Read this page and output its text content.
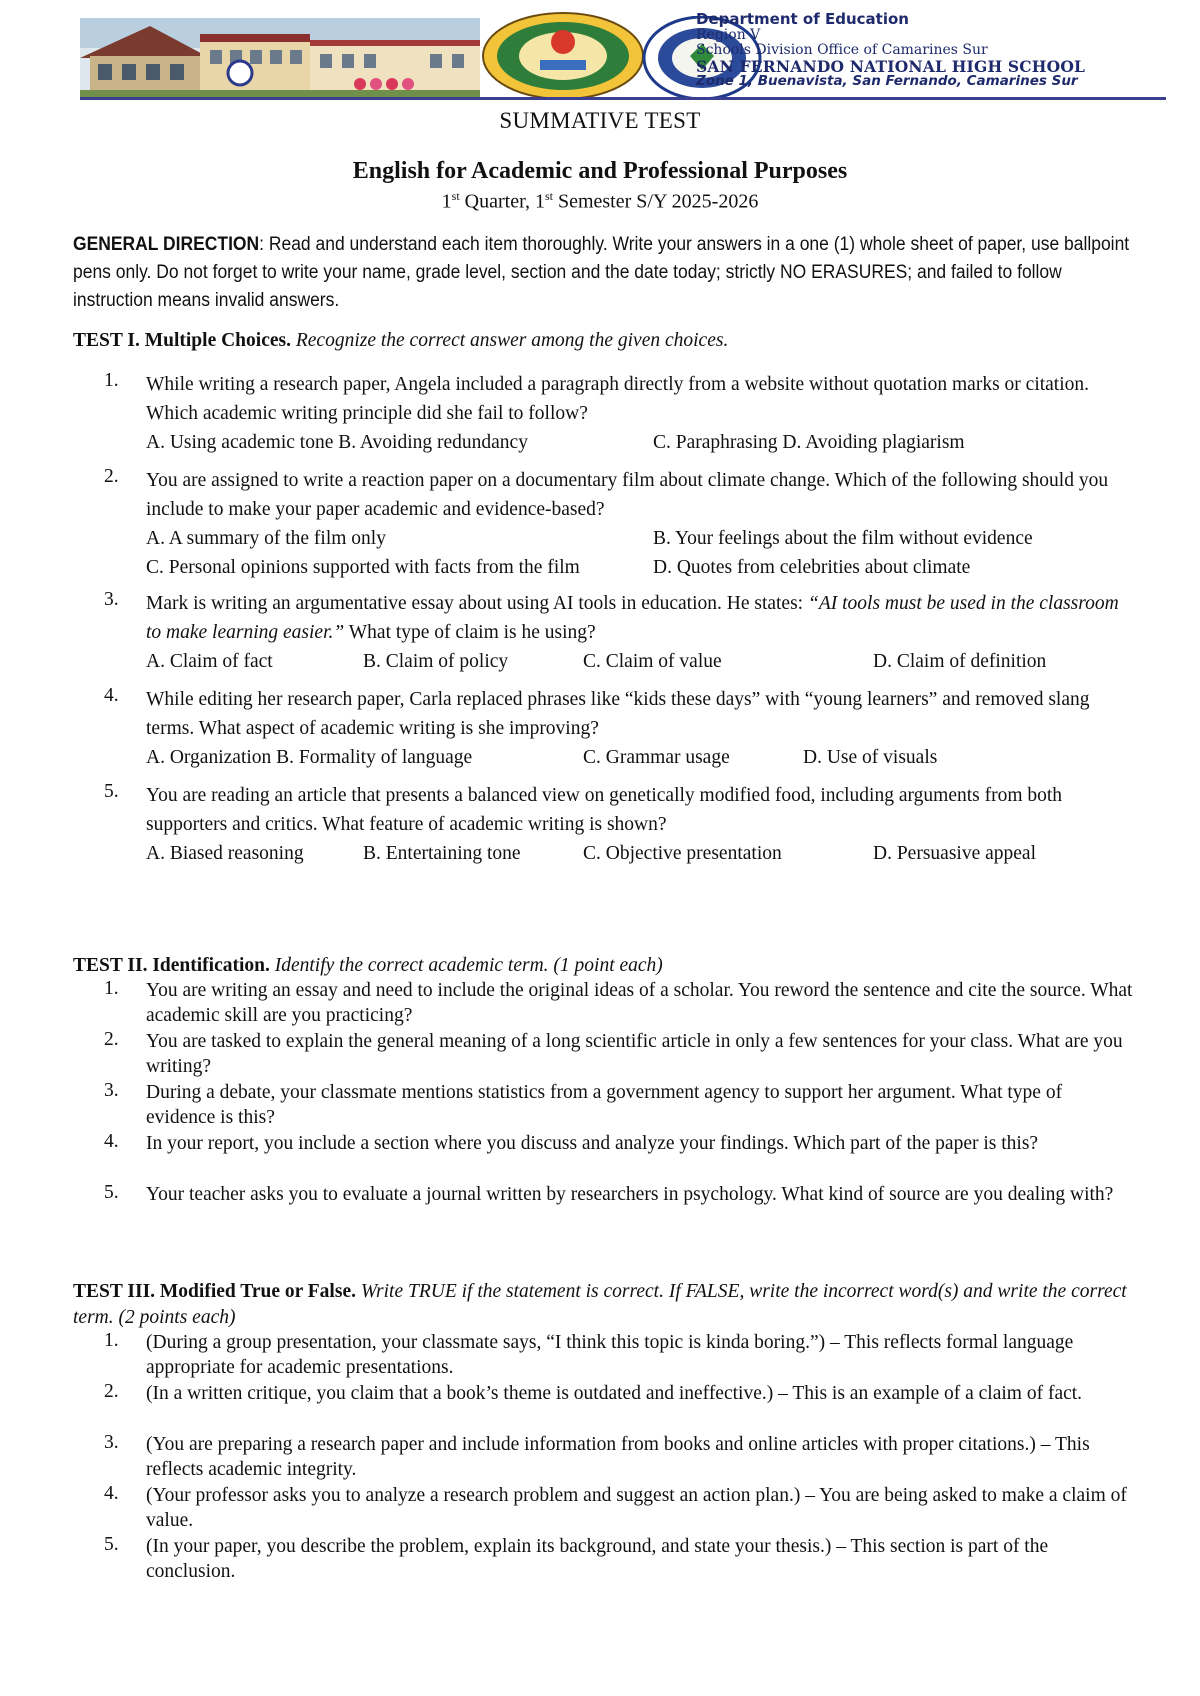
Department of Education
Region V
Schools Division Office of Camarines Sur
SAN FERNANDO NATIONAL HIGH SCHOOL
Zone 1, Buenavista, San Fernando, Camarines Sur
SUMMATIVE TEST
English for Academic and Professional Purposes
1st Quarter, 1st Semester S/Y 2025-2026
GENERAL DIRECTION: Read and understand each item thoroughly. Write your answers in a one (1) whole sheet of paper, use ballpoint pens only. Do not forget to write your name, grade level, section and the date today; strictly NO ERASURES; and failed to follow instruction means invalid answers.
TEST I. Multiple Choices. Recognize the correct answer among the given choices.
1.	While writing a research paper, Angela included a paragraph directly from a website without quotation marks or citation. Which academic writing principle did she fail to follow?
A. Using academic tone B. Avoiding redundancy	C. Paraphrasing D. Avoiding plagiarism
2.	You are assigned to write a reaction paper on a documentary film about climate change. Which of the following should you include to make your paper academic and evidence-based?
A. A summary of the film only	B. Your feelings about the film without evidence
C. Personal opinions supported with facts from the film	D. Quotes from celebrities about climate
3.	Mark is writing an argumentative essay about using AI tools in education. He states: “AI tools must be used in the classroom to make learning easier.” What type of claim is he using?
A. Claim of fact	B. Claim of policy	C. Claim of value	D. Claim of definition
4.	While editing her research paper, Carla replaced phrases like “kids these days” with “young learners” and removed slang terms. What aspect of academic writing is she improving?
A. Organization B. Formality of language	C. Grammar usage	D. Use of visuals
5.	You are reading an article that presents a balanced view on genetically modified food, including arguments from both supporters and critics. What feature of academic writing is shown?
A. Biased reasoning	B. Entertaining tone	C. Objective presentation	D. Persuasive appeal
TEST II. Identification. Identify the correct academic term. (1 point each)
1.	You are writing an essay and need to include the original ideas of a scholar. You reword the sentence and cite the source. What academic skill are you practicing?
2.	You are tasked to explain the general meaning of a long scientific article in only a few sentences for your class. What are you writing?
3.	During a debate, your classmate mentions statistics from a government agency to support her argument. What type of evidence is this?
4.	In your report, you include a section where you discuss and analyze your findings. Which part of the paper is this?
5.	Your teacher asks you to evaluate a journal written by researchers in psychology. What kind of source are you dealing with?
TEST III. Modified True or False. Write TRUE if the statement is correct. If FALSE, write the incorrect word(s) and write the correct term. (2 points each)
1.	(During a group presentation, your classmate says, “I think this topic is kinda boring.”) – This reflects formal language appropriate for academic presentations.
2.	(In a written critique, you claim that a book’s theme is outdated and ineffective.) – This is an example of a claim of fact.
3.	(You are preparing a research paper and include information from books and online articles with proper citations.) – This reflects academic integrity.
4.	(Your professor asks you to analyze a research problem and suggest an action plan.) – You are being asked to make a claim of value.
5.	(In your paper, you describe the problem, explain its background, and state your thesis.) – This section is part of the conclusion.
